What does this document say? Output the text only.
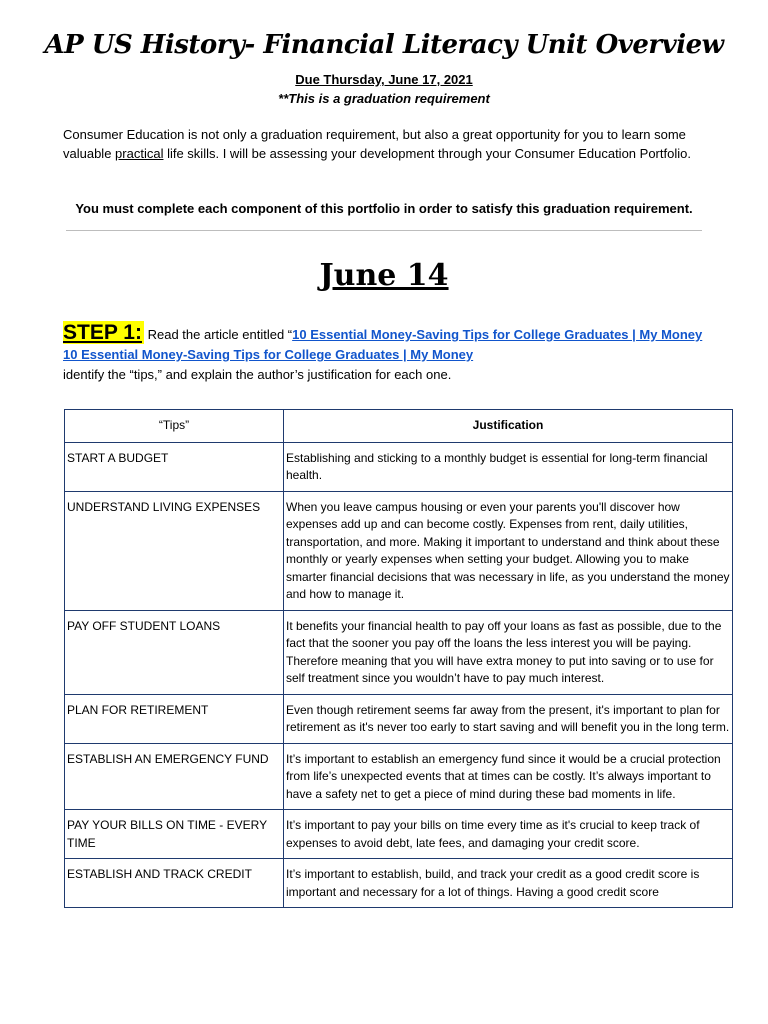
AP US History- Financial Literacy Unit Overview
Due Thursday, June 17, 2021
**This is a graduation requirement
Consumer Education is not only a graduation requirement, but also a great opportunity for you to learn some valuable practical life skills. I will be assessing your development through your Consumer Education Portfolio.
You must complete each component of this portfolio in order to satisfy this graduation requirement.
June 14
STEP 1: Read the article entitled “10 Essential Money-Saving Tips for College Graduates | My Money
10 Essential Money-Saving Tips for College Graduates | My Money
identify the “tips,” and explain the author’s justification for each one.
“Tips”	Justification
START A BUDGET	Establishing and sticking to a monthly budget is essential for long-term financial health.
UNDERSTAND LIVING EXPENSES	When you leave campus housing or even your parents you'll discover how expenses add up and can become costly. Expenses from rent, daily utilities, transportation, and more. Making it important to understand and think about these monthly or yearly expenses when setting your budget. Allowing you to make smarter financial decisions that was necessary in life, as you understand the money and how to manage it.
PAY OFF STUDENT LOANS	It benefits your financial health to pay off your loans as fast as possible, due to the fact that the sooner you pay off the loans the less interest you will be paying. Therefore meaning that you will have extra money to put into saving or to use for self treatment since you wouldn’t have to pay much interest.
PLAN FOR RETIREMENT	Even though retirement seems far away from the present, it's important to plan for retirement as it's never too early to start saving and will benefit you in the long term.
ESTABLISH AN EMERGENCY FUND	It’s important to establish an emergency fund since it would be a crucial protection from life’s unexpected events that at times can be costly. It’s always important to have a safety net to get a piece of mind during these bad moments in life.
PAY YOUR BILLS ON TIME - EVERY TIME	It’s important to pay your bills on time every time as it's crucial to keep track of expenses to avoid debt, late fees, and damaging your credit score.
ESTABLISH AND TRACK CREDIT	It’s important to establish, build, and track your credit as a good credit score is important and necessary for a lot of things. Having a good credit score
